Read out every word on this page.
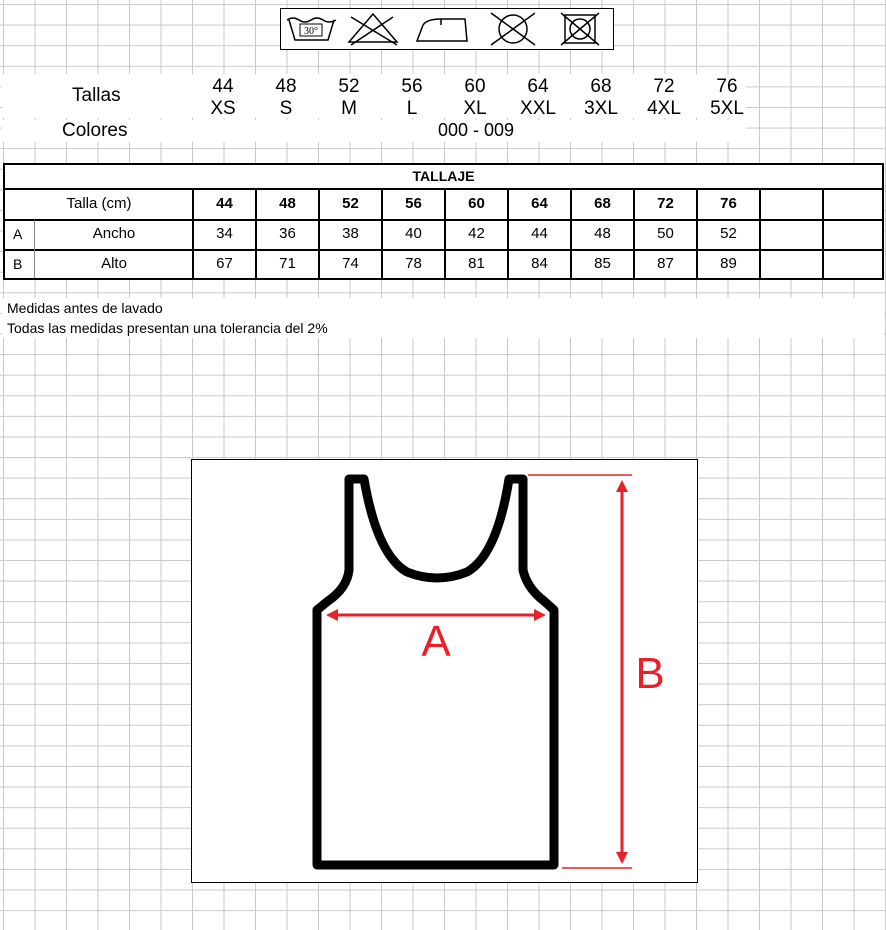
30°
Tallas	44	48	52	56	60	64	68	72	76
XS	S	M	L	XL	XXL	3XL	4XL	5XL
Colores	000 - 009
TALLAJE
Talla (cm)	44	48	52	56	60	64	68	72	76
A	Ancho	34	36	38	40	42	44	48	50	52
B	Alto	67	71	74	78	81	84	85	87	89
Medidas antes de lavado
Todas las medidas presentan una tolerancia del 2%
A
B
